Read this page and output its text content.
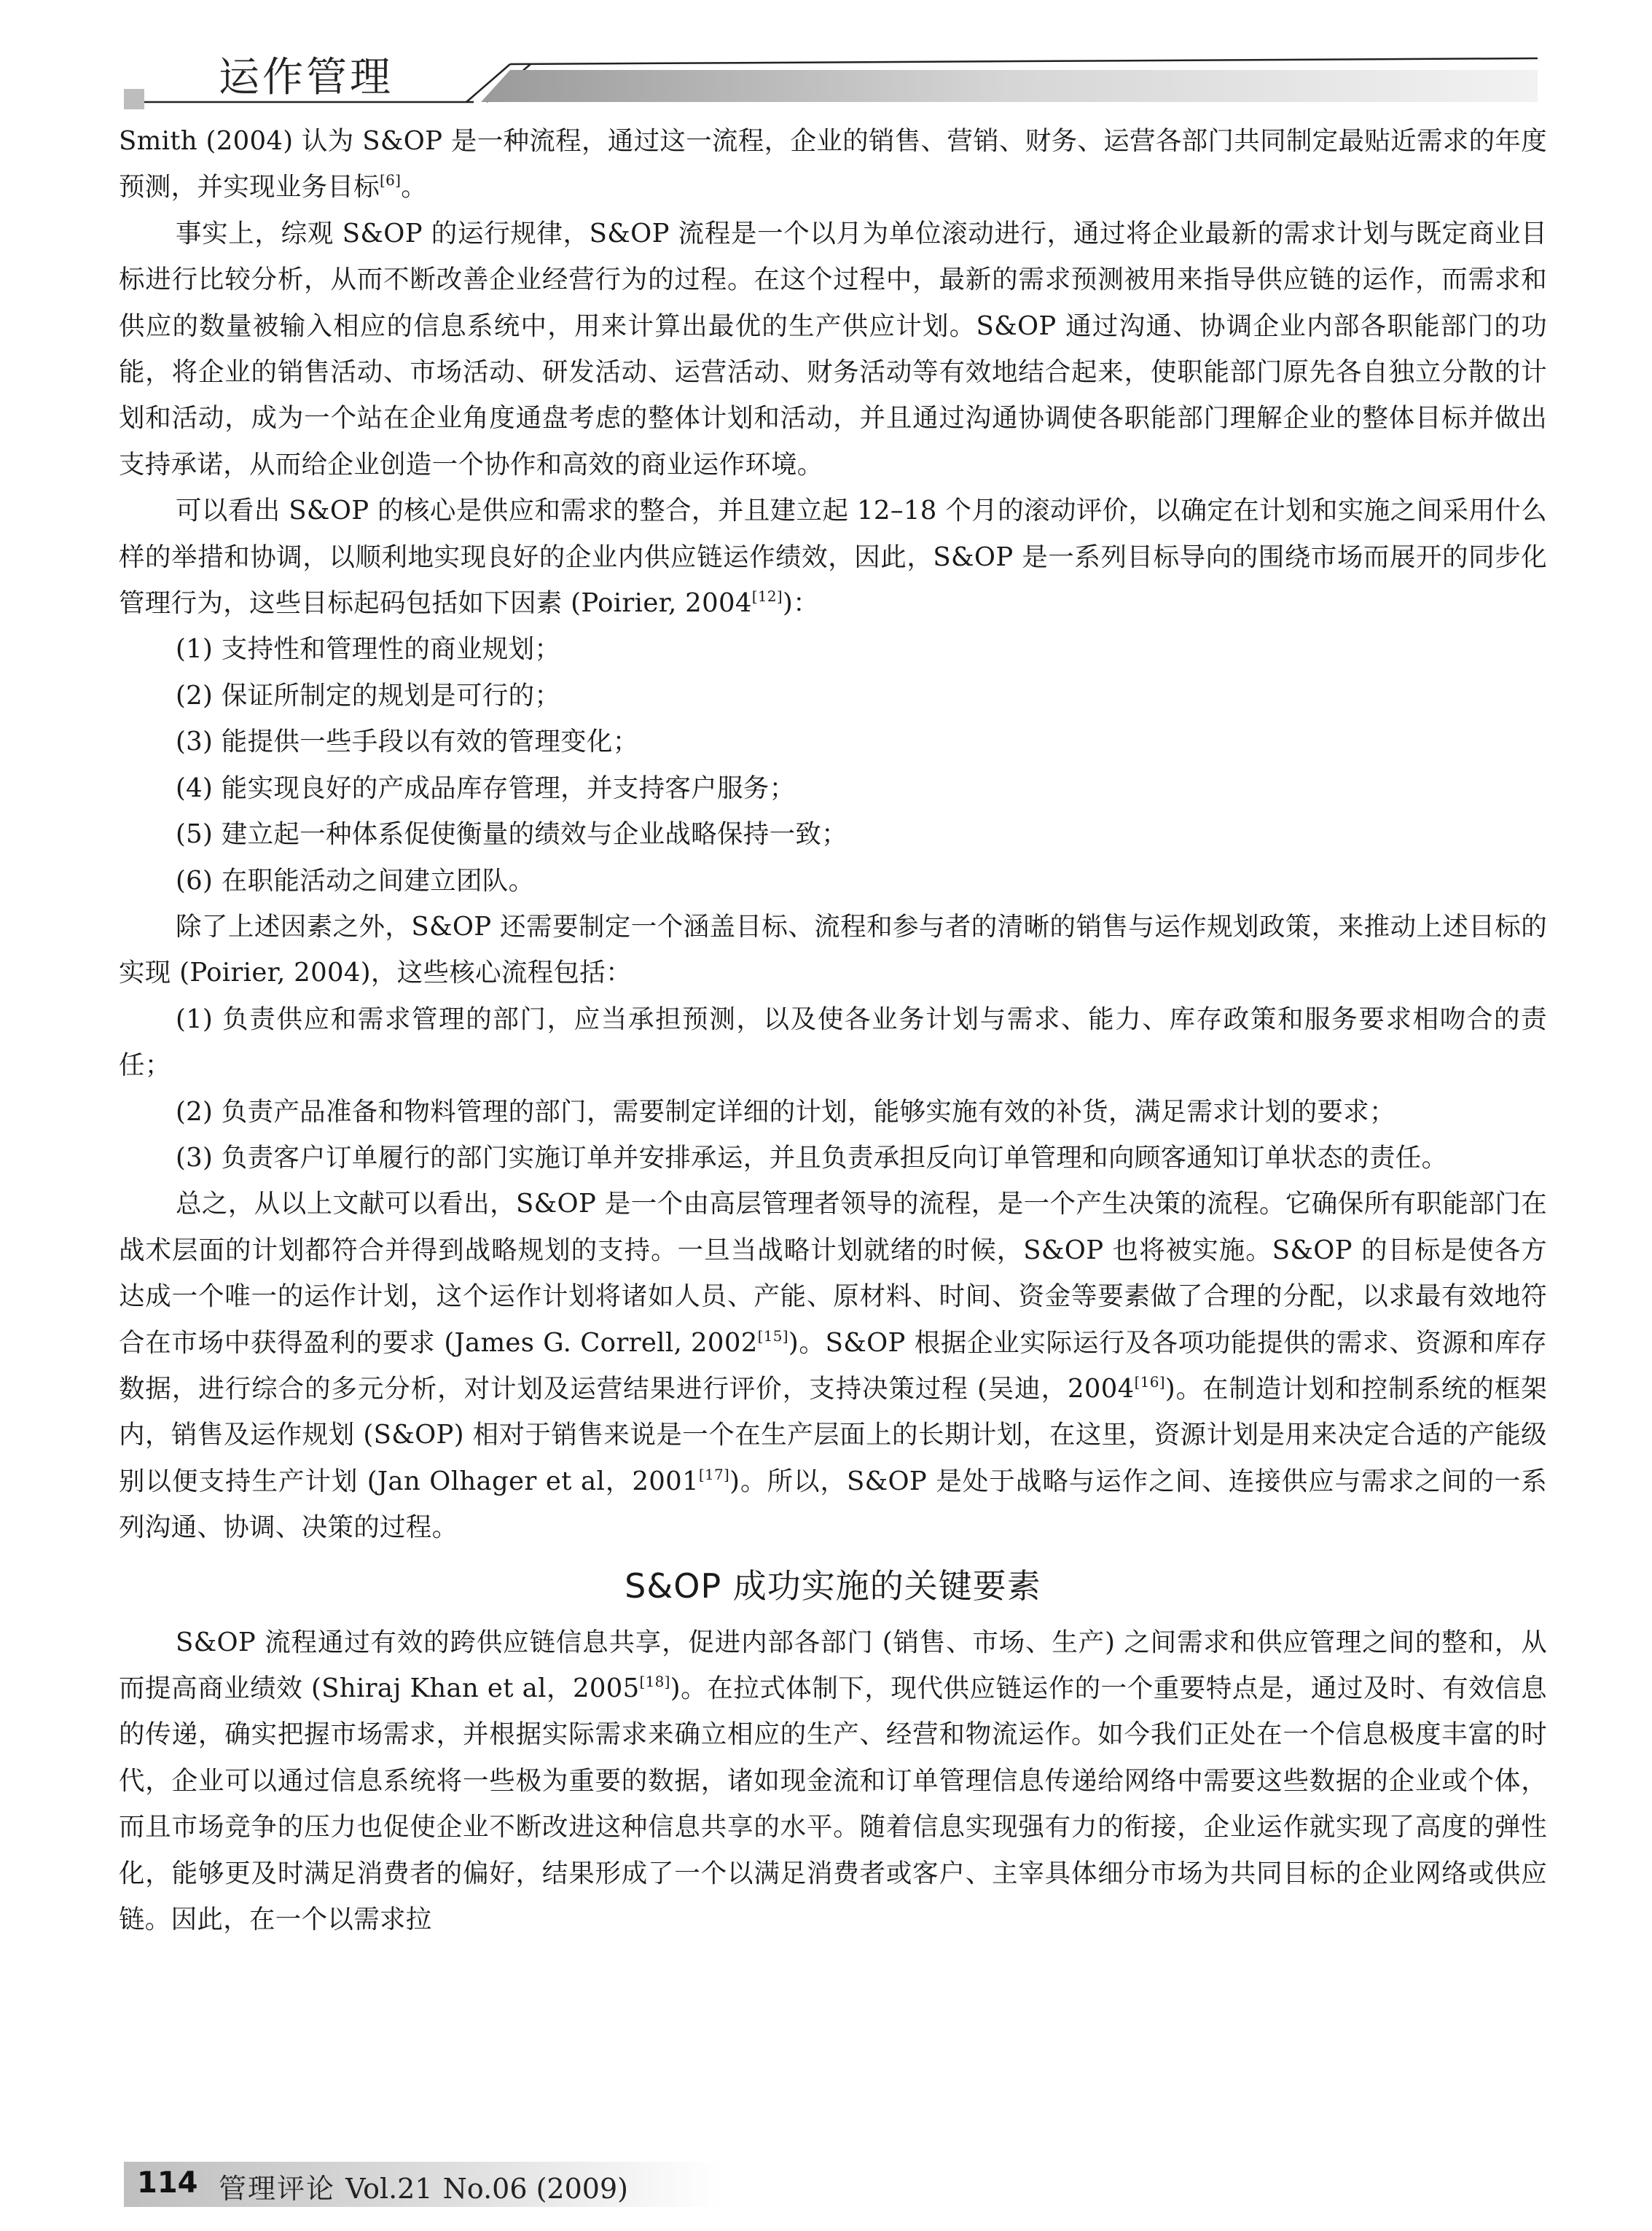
运作管理

Smith (2004) 认为 S&OP 是一种流程，通过这一流程，企业的销售、营销、财务、运营各部门共同制定最贴近需求的年度预测，并实现业务目标[6]。

事实上，综观 S&OP 的运行规律，S&OP 流程是一个以月为单位滚动进行，通过将企业最新的需求计划与既定商业目标进行比较分析，从而不断改善企业经营行为的过程。在这个过程中，最新的需求预测被用来指导供应链的运作，而需求和供应的数量被输入相应的信息系统中，用来计算出最优的生产供应计划。S&OP 通过沟通、协调企业内部各职能部门的功能，将企业的销售活动、市场活动、研发活动、运营活动、财务活动等有效地结合起来，使职能部门原先各自独立分散的计划和活动，成为一个站在企业角度通盘考虑的整体计划和活动，并且通过沟通协调使各职能部门理解企业的整体目标并做出支持承诺，从而给企业创造一个协作和高效的商业运作环境。

可以看出 S&OP 的核心是供应和需求的整合，并且建立起 12–18 个月的滚动评价，以确定在计划和实施之间采用什么样的举措和协调，以顺利地实现良好的企业内供应链运作绩效，因此，S&OP 是一系列目标导向的围绕市场而展开的同步化管理行为，这些目标起码包括如下因素 (Poirier, 2004[12])：

(1) 支持性和管理性的商业规划；

(2) 保证所制定的规划是可行的；

(3) 能提供一些手段以有效的管理变化；

(4) 能实现良好的产成品库存管理，并支持客户服务；

(5) 建立起一种体系促使衡量的绩效与企业战略保持一致；

(6) 在职能活动之间建立团队。

除了上述因素之外，S&OP 还需要制定一个涵盖目标、流程和参与者的清晰的销售与运作规划政策，来推动上述目标的实现 (Poirier, 2004)，这些核心流程包括：

(1) 负责供应和需求管理的部门，应当承担预测，以及使各业务计划与需求、能力、库存政策和服务要求相吻合的责任；

(2) 负责产品准备和物料管理的部门，需要制定详细的计划，能够实施有效的补货，满足需求计划的要求；

(3) 负责客户订单履行的部门实施订单并安排承运，并且负责承担反向订单管理和向顾客通知订单状态的责任。

总之，从以上文献可以看出，S&OP 是一个由高层管理者领导的流程，是一个产生决策的流程。它确保所有职能部门在战术层面的计划都符合并得到战略规划的支持。一旦当战略计划就绪的时候，S&OP 也将被实施。S&OP 的目标是使各方达成一个唯一的运作计划，这个运作计划将诸如人员、产能、原材料、时间、资金等要素做了合理的分配，以求最有效地符合在市场中获得盈利的要求 (James G. Correll, 2002[15])。S&OP 根据企业实际运行及各项功能提供的需求、资源和库存数据，进行综合的多元分析，对计划及运营结果进行评价，支持决策过程 (吴迪，2004[16])。在制造计划和控制系统的框架内，销售及运作规划 (S&OP) 相对于销售来说是一个在生产层面上的长期计划，在这里，资源计划是用来决定合适的产能级别以便支持生产计划 (Jan Olhager et al，2001[17])。所以，S&OP 是处于战略与运作之间、连接供应与需求之间的一系列沟通、协调、决策的过程。

S&OP 成功实施的关键要素

S&OP 流程通过有效的跨供应链信息共享，促进内部各部门 (销售、市场、生产) 之间需求和供应管理之间的整和，从而提高商业绩效 (Shiraj Khan et al，2005[18])。在拉式体制下，现代供应链运作的一个重要特点是，通过及时、有效信息的传递，确实把握市场需求，并根据实际需求来确立相应的生产、经营和物流运作。如今我们正处在一个信息极度丰富的时代，企业可以通过信息系统将一些极为重要的数据，诸如现金流和订单管理信息传递给网络中需要这些数据的企业或个体，而且市场竞争的压力也促使企业不断改进这种信息共享的水平。随着信息实现强有力的衔接，企业运作就实现了高度的弹性化，能够更及时满足消费者的偏好，结果形成了一个以满足消费者或客户、主宰具体细分市场为共同目标的企业网络或供应链。因此，在一个以需求拉

114 管理评论 Vol.21 No.06 (2009)
